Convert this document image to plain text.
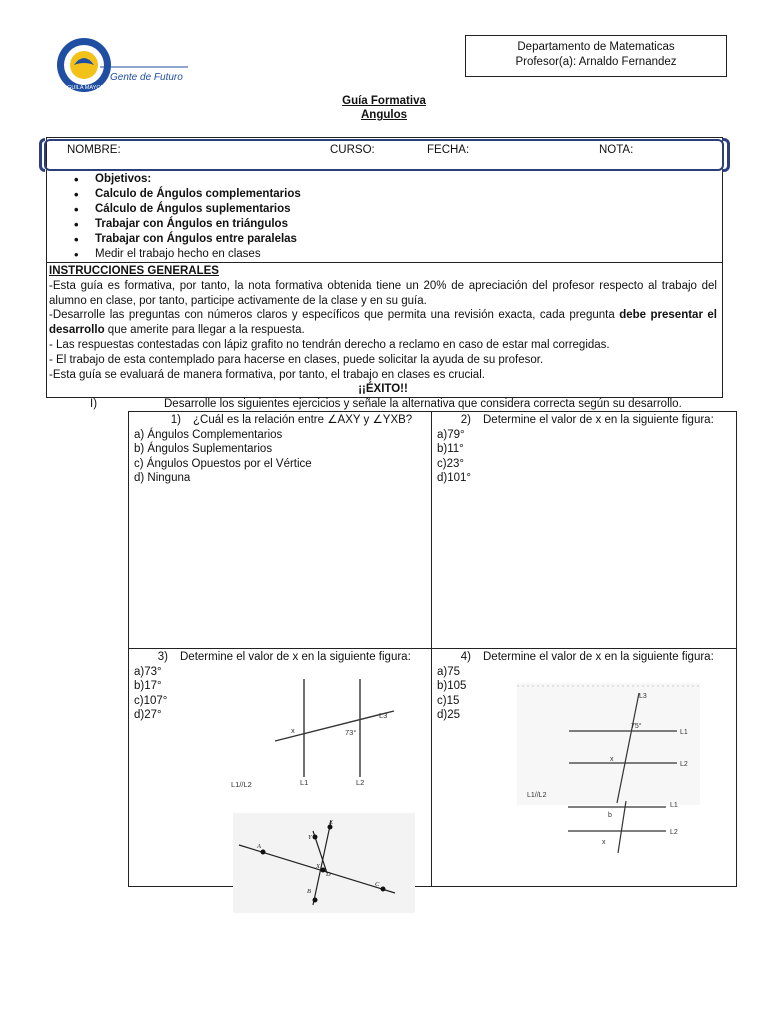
AGUILA MAYOR
Gente de Futuro
Departamento de Matematicas
Profesor(a): Arnaldo Fernandez
Guía Formativa
Angulos
NOMBRE:	CURSO:	FECHA:	NOTA:
• Objetivos:
• Calculo de Ángulos complementarios
• Cálculo de Ángulos suplementarios
• Trabajar con Ángulos en triángulos
• Trabajar con Ángulos entre paralelas
• Medir el trabajo hecho en clases

INSTRUCCIONES GENERALES

-Esta guía es formativa, por tanto, la nota formativa obtenida tiene un 20% de apreciación del profesor respecto al trabajo del alumno en clase, por tanto, participe activamente de la clase y en su guía.

-Desarrolle las preguntas con números claros y específicos que permita una revisión exacta, cada pregunta debe presentar el desarrollo que amerite para llegar a la respuesta.

- Las respuestas contestadas con lápiz grafito no tendrán derecho a reclamo en caso de estar mal corregidas.

- El trabajo de esta contemplado para hacerse en clases, puede solicitar la ayuda de su profesor.

-Esta guía se evaluará de manera formativa, por tanto, el trabajo en clases es crucial.

¡¡ÉXITO!!

I)	Desarrolle los siguientes ejercicios y señale la alternativa que considera correcta según su desarrollo.
1) ¿Cuál es la relación entre ∠AXY y ∠YXB?
a) Ángulos Complementarios
b) Ángulos Suplementarios
c) Ángulos Opuestos por el Vértice
d) Ninguna
2) Determine el valor de x en la siguiente figura:
a)79°
b)11°
c)23°
d)101°
3) Determine el valor de x en la siguiente figura:
a)73°
b)17°
c)107°
d)27°
4) Determine el valor de x en la siguiente figura:
a)75
b)105
c)15
d)25
x	73°
L1	L2
L3
L1//L2
A
Y
E
X
D
B
C
L3
75°
L1
x
L2
L1//L2
L1
b
L2
x
